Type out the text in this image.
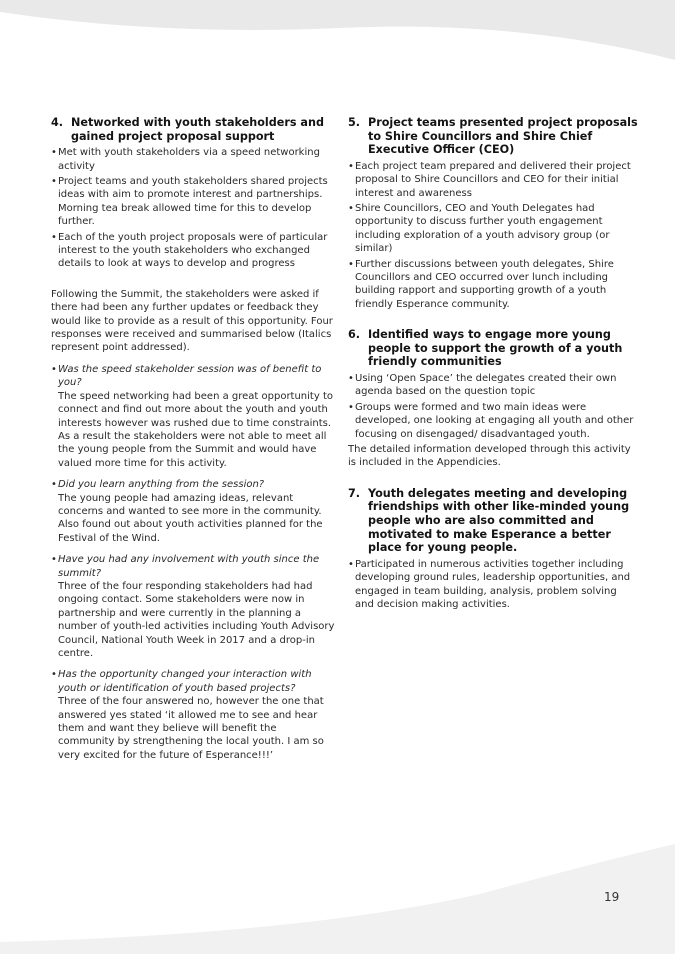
4. Networked with youth stakeholders and gained project proposal support
• Met with youth stakeholders via a speed networking activity
• Project teams and youth stakeholders shared projects ideas with aim to promote interest and partnerships. Morning tea break allowed time for this to develop further.
• Each of the youth project proposals were of particular interest to the youth stakeholders who exchanged details to look at ways to develop and progress

Following the Summit, the stakeholders were asked if there had been any further updates or feedback they would like to provide as a result of this opportunity. Four responses were received and summarised below (Italics represent point addressed).

• Was the speed stakeholder session was of benefit to you?
The speed networking had been a great opportunity to connect and find out more about the youth and youth interests however was rushed due to time constraints. As a result the stakeholders were not able to meet all the young people from the Summit and would have valued more time for this activity.
• Did you learn anything from the session?
The young people had amazing ideas, relevant concerns and wanted to see more in the community. Also found out about youth activities planned for the Festival of the Wind.
• Have you had any involvement with youth since the summit?
Three of the four responding stakeholders had had ongoing contact. Some stakeholders were now in partnership and were currently in the planning a number of youth-led activities including Youth Advisory Council, National Youth Week in 2017 and a drop-in centre.
• Has the opportunity changed your interaction with youth or identification of youth based projects?
Three of the four answered no, however the one that answered yes stated ‘it allowed me to see and hear them and want they believe will benefit the community by strengthening the local youth. I am so very excited for the future of Esperance!!!’
5. Project teams presented project proposals to Shire Councillors and Shire Chief Executive Officer (CEO)
• Each project team prepared and delivered their project proposal to Shire Councillors and CEO for their initial interest and awareness
• Shire Councillors, CEO and Youth Delegates had opportunity to discuss further youth engagement including exploration of a youth advisory group (or similar)
• Further discussions between youth delegates, Shire Councillors and CEO occurred over lunch including building rapport and supporting growth of a youth friendly Esperance community.
6. Identified ways to engage more young people to support the growth of a youth friendly communities
• Using ‘Open Space’ the delegates created their own agenda based on the question topic
• Groups were formed and two main ideas were developed, one looking at engaging all youth and other focusing on disengaged/ disadvantaged youth.

The detailed information developed through this activity is included in the Appendicies.

7. Youth delegates meeting and developing friendships with other like-minded young people who are also committed and motivated to make Esperance a better place for young people.
• Participated in numerous activities together including developing ground rules, leadership opportunities, and engaged in team building, analysis, problem solving and decision making activities.
19
